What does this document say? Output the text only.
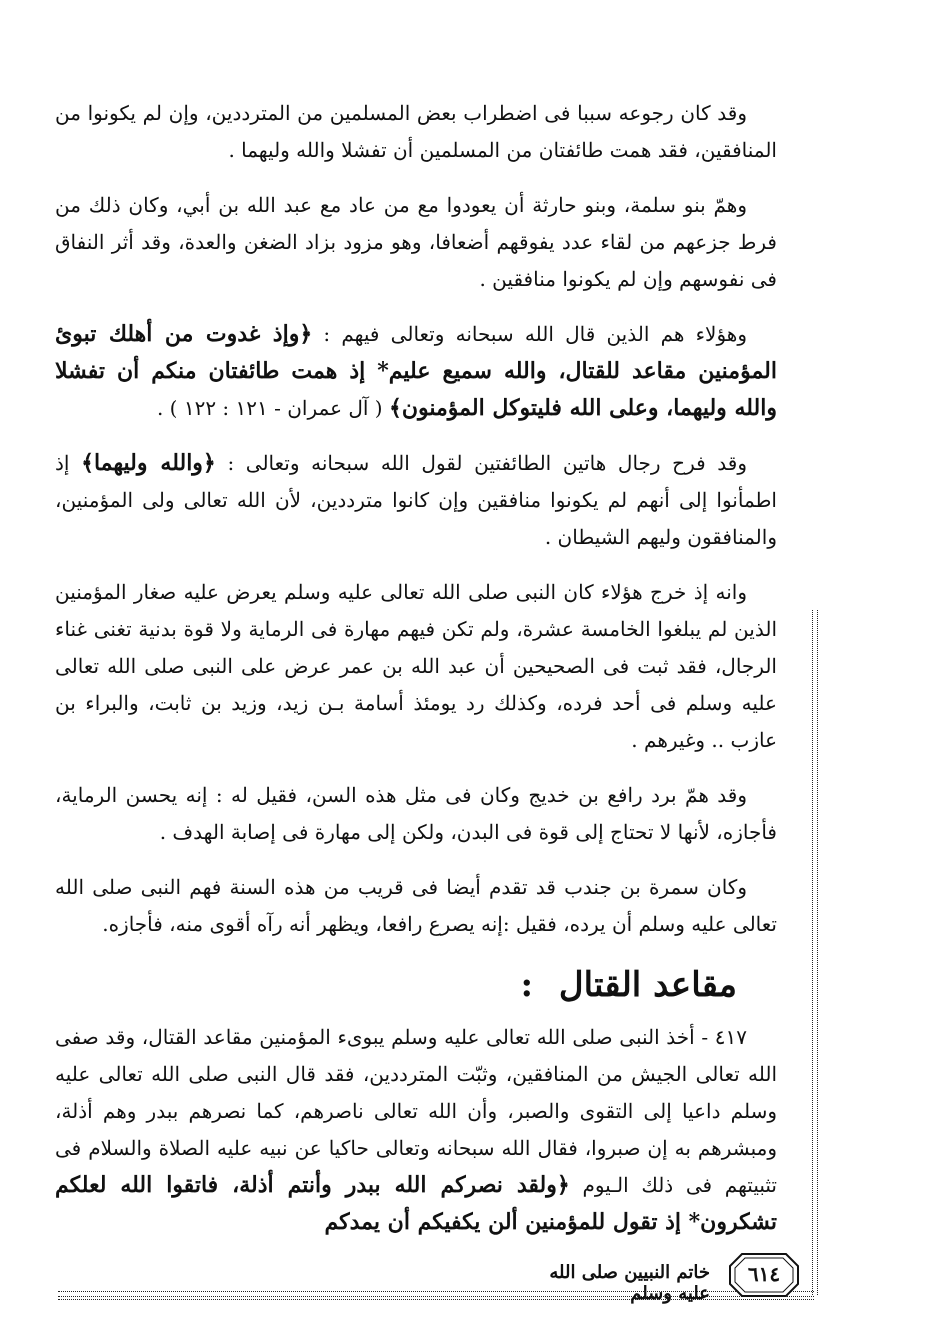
وقد كان رجوعه سببا فى اضطراب بعض المسلمين من المترددين، وإن لم يكونوا من المنافقين، فقد همت طائفتان من المسلمين أن تفشلا والله وليهما .

وهمّ بنو سلمة، وبنو حارثة أن يعودوا مع من عاد مع عبد الله بن أبي، وكان ذلك من فرط جزعهم من لقاء عدد يفوقهم أضعافا، وهو مزود بزاد الضغن والعدة، وقد أثر النفاق فى نفوسهم وإن لم يكونوا منافقين .

وهؤلاء هم الذين قال الله سبحانه وتعالى فيهم : ﴿وإذ غدوت من أهلك تبوئ المؤمنين مقاعد للقتال، والله سميع عليم* إذ همت طائفتان منكم أن تفشلا والله وليهما، وعلى الله فليتوكل المؤمنون﴾ ( آل عمران - ١٢١ : ١٢٢ ) .

وقد فرح رجال هاتين الطائفتين لقول الله سبحانه وتعالى : ﴿والله وليهما﴾ إذ اطمأنوا إلى أنهم لم يكونوا منافقين وإن كانوا مترددين، لأن الله تعالى ولى المؤمنين، والمنافقون وليهم الشيطان .

وانه إذ خرج هؤلاء كان النبى صلى الله تعالى عليه وسلم يعرض عليه صغار المؤمنين الذين لم يبلغوا الخامسة عشرة، ولم تكن فيهم مهارة فى الرماية ولا قوة بدنية تغنى غناء الرجال، فقد ثبت فى الصحيحين أن عبد الله بن عمر عرض على النبى صلى الله تعالى عليه وسلم فى أحد فرده، وكذلك رد يومئذ أسامة بـن زيد، وزيد بن ثابت، والبراء بن عازب .. وغيرهم .

وقد همّ برد رافع بن خديج وكان فى مثل هذه السن، فقيل له : إنه يحسن الرماية، فأجازه، لأنها لا تحتاج إلى قوة فى البدن، ولكن إلى مهارة فى إصابة الهدف .

وكان سمرة بن جندب قد تقدم أيضا فى قريب من هذه السنة فهم النبى صلى الله تعالى عليه وسلم أن يرده، فقيل :إنه يصرع رافعا، ويظهر أنه رآه أقوى منه، فأجازه.

مقاعد القتال :

٤١٧ - أخذ النبى صلى الله تعالى عليه وسلم يبوىء المؤمنين مقاعد القتال، وقد صفى الله تعالى الجيش من المنافقين، وثبّت المترددين، فقد قال النبى صلى الله تعالى عليه وسلم داعيا إلى التقوى والصبر، وأن الله تعالى ناصرهم، كما نصرهم ببدر وهم أذلة، ومبشرهم به إن صبروا، فقال الله سبحانه وتعالى حاكيا عن نبيه عليه الصلاة والسلام فى تثبيتهم فى ذلك الـيوم ﴿ولقد نصركم الله ببدر وأنتم أذلة، فاتقوا الله لعلكم تشكرون* إذ تقول للمؤمنين ألن يكفيكم أن يمدكم

خاتم النبيين صلى الله عليه وسلم
٦١٤
